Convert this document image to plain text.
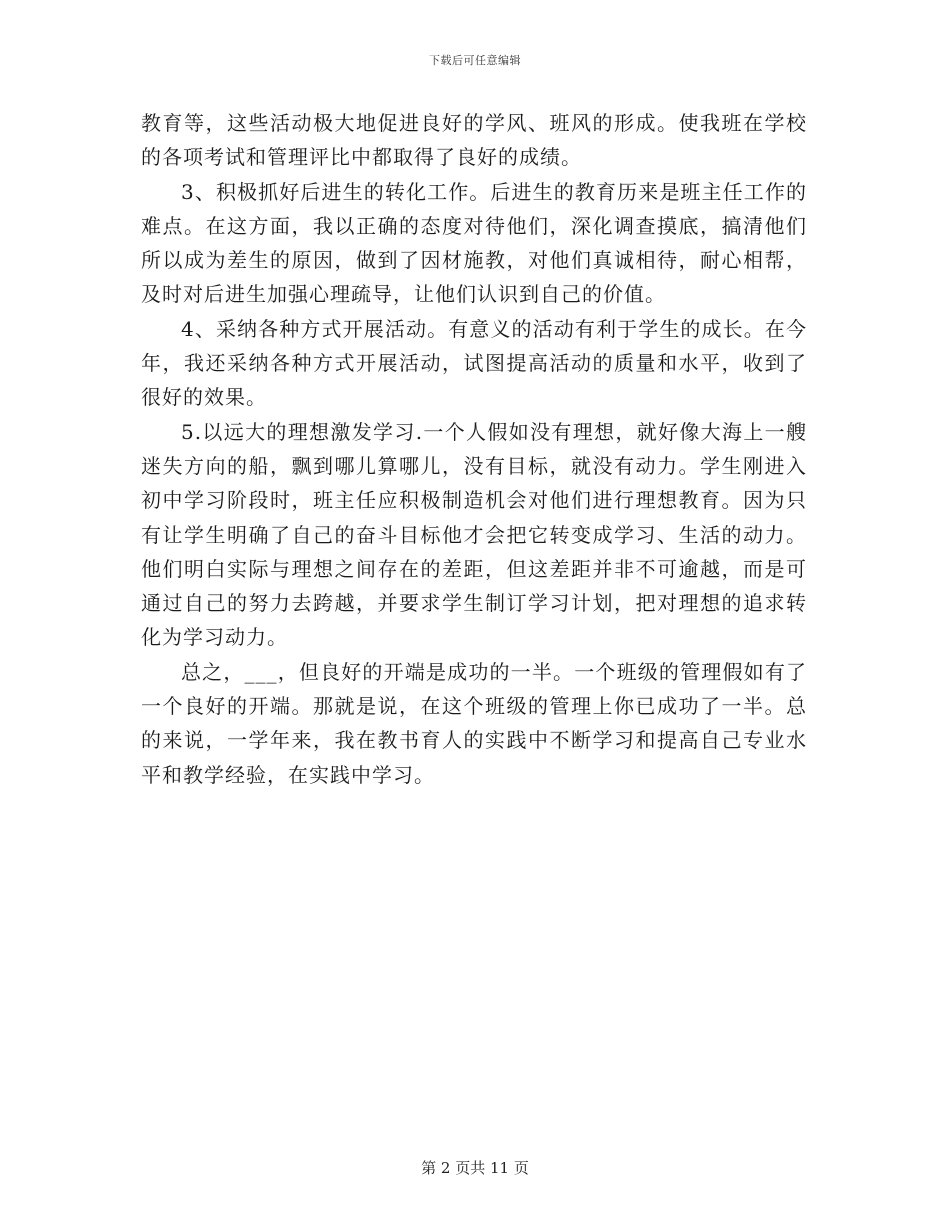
下载后可任意编辑

教育等，这些活动极大地促进良好的学风、班风的形成。使我班在学校的各项考试和管理评比中都取得了良好的成绩。

3、积极抓好后进生的转化工作。后进生的教育历来是班主任工作的难点。在这方面，我以正确的态度对待他们，深化调查摸底，搞清他们所以成为差生的原因，做到了因材施教，对他们真诚相待，耐心相帮，及时对后进生加强心理疏导，让他们认识到自己的价值。

4、采纳各种方式开展活动。有意义的活动有利于学生的成长。在今年，我还采纳各种方式开展活动，试图提高活动的质量和水平，收到了很好的效果。

5.以远大的理想激发学习.一个人假如没有理想，就好像大海上一艘迷失方向的船，飘到哪儿算哪儿，没有目标，就没有动力。学生刚进入初中学习阶段时，班主任应积极制造机会对他们进行理想教育。因为只有让学生明确了自己的奋斗目标他才会把它转变成学习、生活的动力。他们明白实际与理想之间存在的差距，但这差距并非不可逾越，而是可通过自己的努力去跨越，并要求学生制订学习计划，把对理想的追求转化为学习动力。

总之，___，但良好的开端是成功的一半。一个班级的管理假如有了一个良好的开端。那就是说，在这个班级的管理上你已成功了一半。总的来说，一学年来，我在教书育人的实践中不断学习和提高自己专业水平和教学经验，在实践中学习。

第 2 页共 11 页
